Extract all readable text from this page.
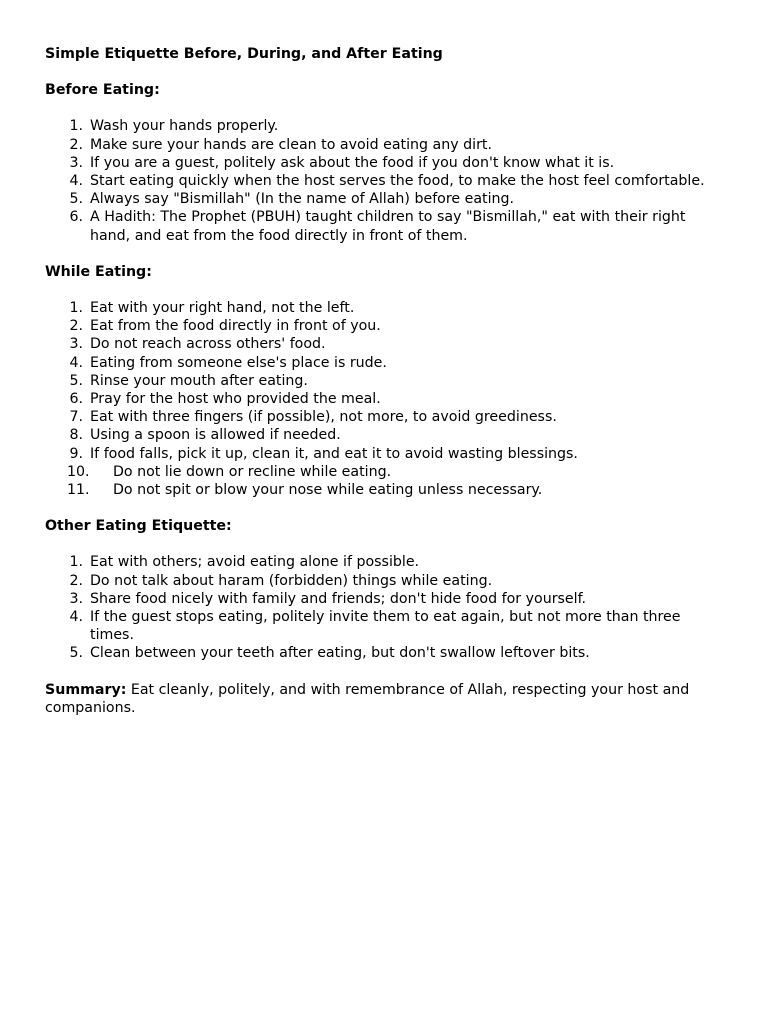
Simple Etiquette Before, During, and After Eating
Before Eating:
1. Wash your hands properly.
2. Make sure your hands are clean to avoid eating any dirt.
3. If you are a guest, politely ask about the food if you don't know what it is.
4. Start eating quickly when the host serves the food, to make the host feel comfortable.
5. Always say "Bismillah" (In the name of Allah) before eating.
6. A Hadith: The Prophet (PBUH) taught children to say "Bismillah," eat with their right hand, and eat from the food directly in front of them.
While Eating:
1. Eat with your right hand, not the left.
2. Eat from the food directly in front of you.
3. Do not reach across others' food.
4. Eating from someone else's place is rude.
5. Rinse your mouth after eating.
6. Pray for the host who provided the meal.
7. Eat with three fingers (if possible), not more, to avoid greediness.
8. Using a spoon is allowed if needed.
9. If food falls, pick it up, clean it, and eat it to avoid wasting blessings.
10.	Do not lie down or recline while eating.
11.	Do not spit or blow your nose while eating unless necessary.
Other Eating Etiquette:
1. Eat with others; avoid eating alone if possible.
2. Do not talk about haram (forbidden) things while eating.
3. Share food nicely with family and friends; don't hide food for yourself.
4. If the guest stops eating, politely invite them to eat again, but not more than three times.
5. Clean between your teeth after eating, but don't swallow leftover bits.

Summary: Eat cleanly, politely, and with remembrance of Allah, respecting your host and companions.
